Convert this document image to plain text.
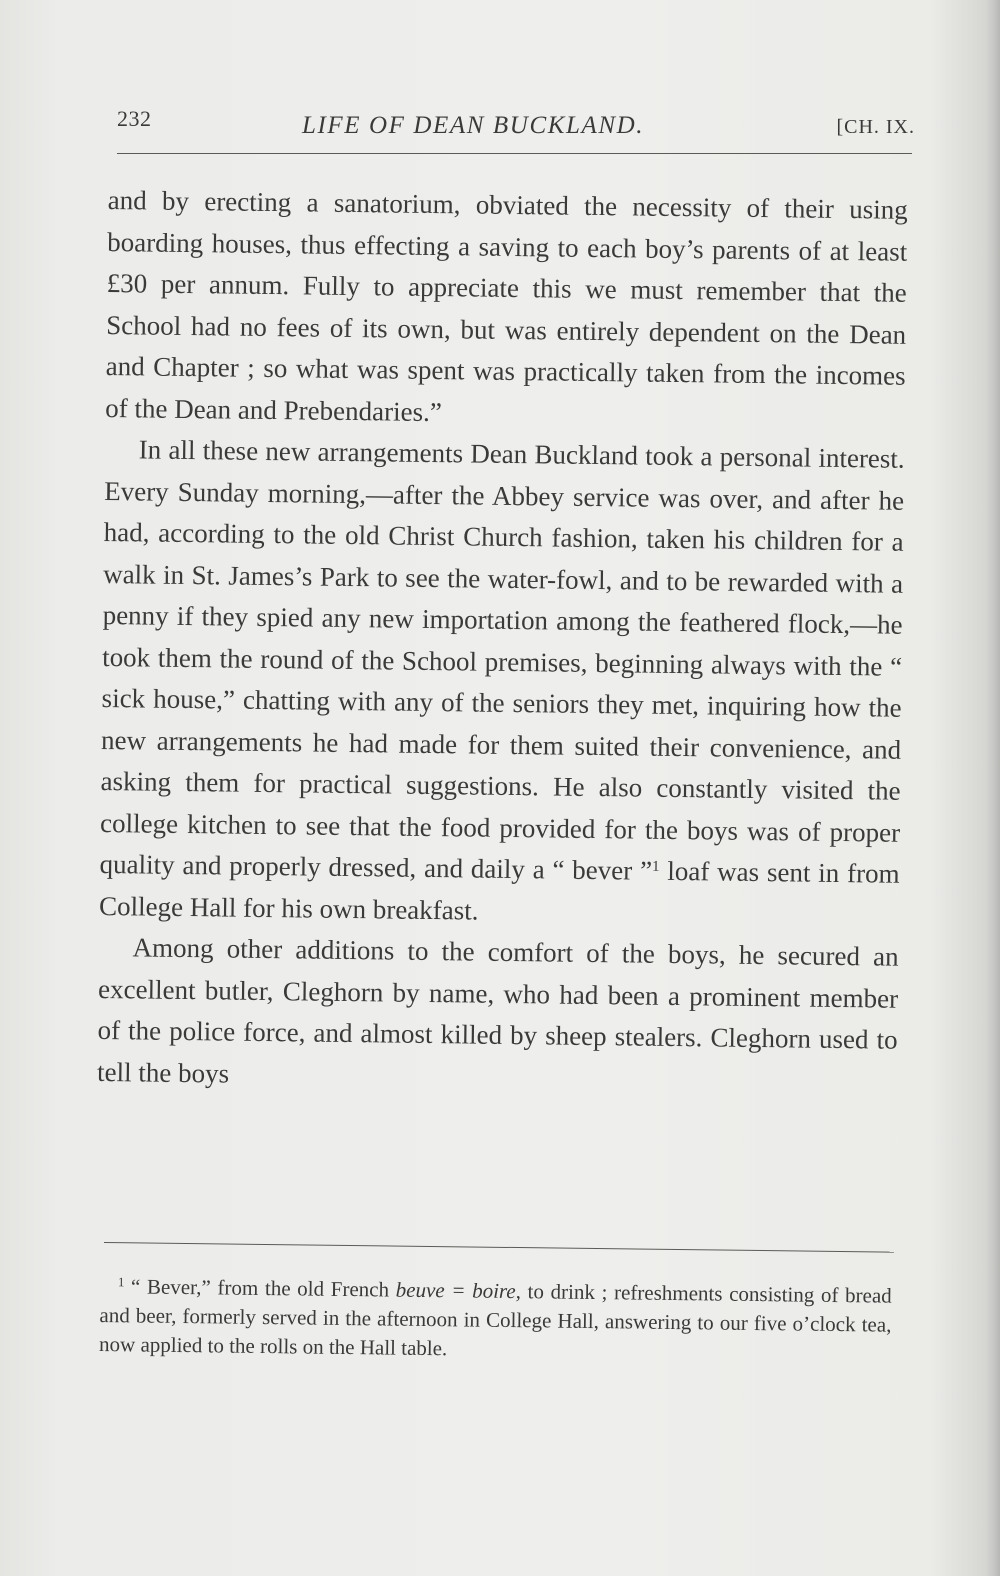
232	LIFE OF DEAN BUCKLAND.	[CH. IX.

and by erecting a sanatorium, obviated the necessity of their using boarding houses, thus effecting a saving to each boy’s parents of at least £30 per annum. Fully to appreciate this we must remember that the School had no fees of its own, but was entirely dependent on the Dean and Chapter ; so what was spent was practically taken from the incomes of the Dean and Prebendaries.”

In all these new arrangements Dean Buckland took a personal interest. Every Sunday morning,—after the Abbey service was over, and after he had, according to the old Christ Church fashion, taken his children for a walk in St. James’s Park to see the water-fowl, and to be rewarded with a penny if they spied any new importation among the feathered flock,—he took them the round of the School premises, beginning always with the “ sick house,” chatting with any of the seniors they met, inquiring how the new arrangements he had made for them suited their convenience, and asking them for practical suggestions. He also constantly visited the college kitchen to see that the food provided for the boys was of proper quality and properly dressed, and daily a “ bever ”$^1$ loaf was sent in from College Hall for his own breakfast.

Among other additions to the comfort of the boys, he secured an excellent butler, Cleghorn by name, who had been a prominent member of the police force, and almost killed by sheep stealers. Cleghorn used to tell the boys

$^1$ “ Bever,” from the old French beuve = boire, to drink ; refreshments consisting of bread and beer, formerly served in the afternoon in College Hall, answering to our five o’clock tea, now applied to the rolls on the Hall table.
